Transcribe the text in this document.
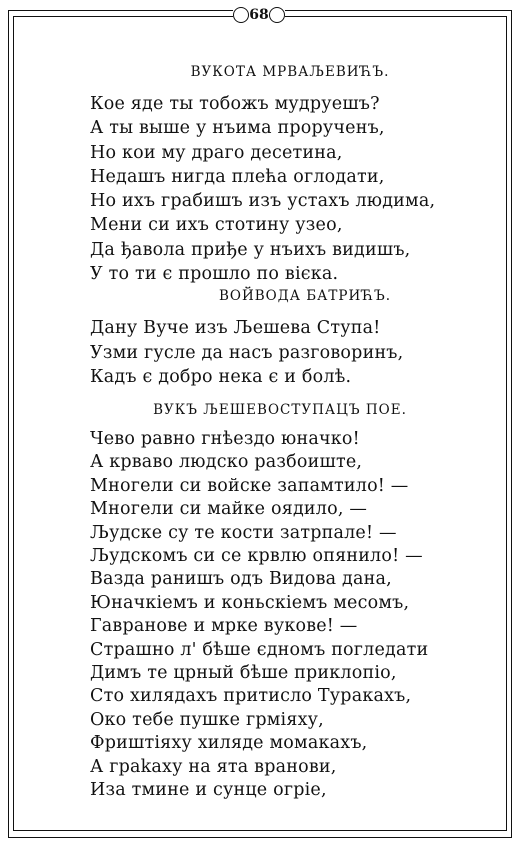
68
ВУКОТА МРВАЉЕВИЋЪ.
Кое яде ты тобожъ мудруешъ?
А ты выше у нъима прорученъ,
Но кои му драго десетина,
Недашъ нигда плећа оглодати,
Но ихъ грабишъ изъ устахъ людима,
Мени си ихъ стотину узео,
Да ђавола приђе у нъихъ видишъ,
У то ти є прошло по вієка.
ВОЙВОДА БАТРИЋЪ.
Дану Вуче изъ Љешева Ступа!
Узми гусле да насъ разговоринъ,
Кадъ є добро нека є и болѣ.
ВУКЪ ЉЕШЕВОСТУПАЦЪ ПОЕ.
Чево равно гнѣездо юначко!
А крваво людско разбоиште,
Многели си войске запамтило! —
Многели си майке оядило, —
Људске су те кости затрпале! —
Људскомъ си се крвлю опянило! —
Вазда ранишъ одъ Видова дана,
Юначкіемъ и коньскіемъ месомъ,
Гавранове и мрке вукове! —
Страшно л' бѣше єдномъ погледати
Димъ те црный бѣше приклопіо,
Сто хилядахъ притисло Туракахъ,
Око тебе пушке грміяху,
Фриштіяху хиляде момакахъ,
А граkаху на ята вранови,
Иза тмине и сунце огріе,
